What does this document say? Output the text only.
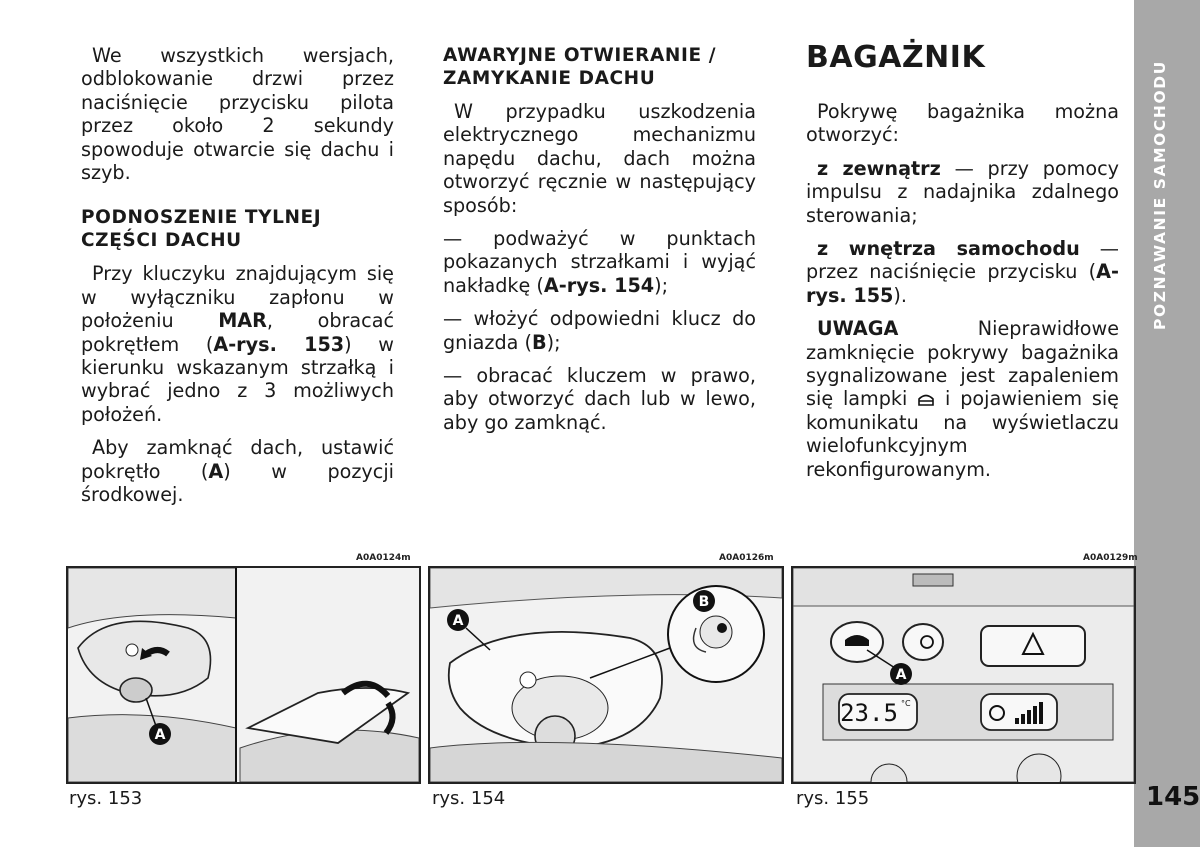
We wszystkich wersjach, odblokowanie drzwi przez naciśnięcie przycisku pilota przez około 2 sekundy spowoduje otwarcie się dachu i szyb.

PODNOSZENIE TYLNEJ CZĘŚCI DACHU

Przy kluczyku znajdującym się w wyłączniku zapłonu w położeniu MAR, obracać pokrętłem (A-rys. 153) w kierunku wskazanym strzałką i wybrać jedno z 3 możliwych położeń.

Aby zamknąć dach, ustawić pokrętło (A) w pozycji środkowej.

AWARYJNE OTWIERANIE / ZAMYKANIE DACHU

W przypadku uszkodzenia elektrycznego mechanizmu napędu dachu, dach można otworzyć ręcznie w następujący sposób:

— podważyć w punktach pokazanych strzałkami i wyjąć nakładkę (A-rys. 154);

— włożyć odpowiedni klucz do gniazda (B);

— obracać kluczem w prawo, aby otworzyć dach lub w lewo, aby go zamknąć.

BAGAŻNIK

Pokrywę bagażnika można otworzyć:

z zewnątrz — przy pomocy impulsu z nadajnika zdalnego sterowania;

z wnętrza samochodu — przez naciśnięcie przycisku (A-rys. 155).

UWAGA Nieprawidłowe zamknięcie pokrywy bagażnika sygnalizowane jest zapaleniem się lampki  i pojawieniem się komunikatu na wyświetlaczu wielofunkcyjnym rekonfigurowanym.

POZNAWANIE SAMOCHODU
145
A0A0124m
A
rys. 153
A0A0126m
B
A
rys. 154
A0A0129m
23.5 °C
A
rys. 155
